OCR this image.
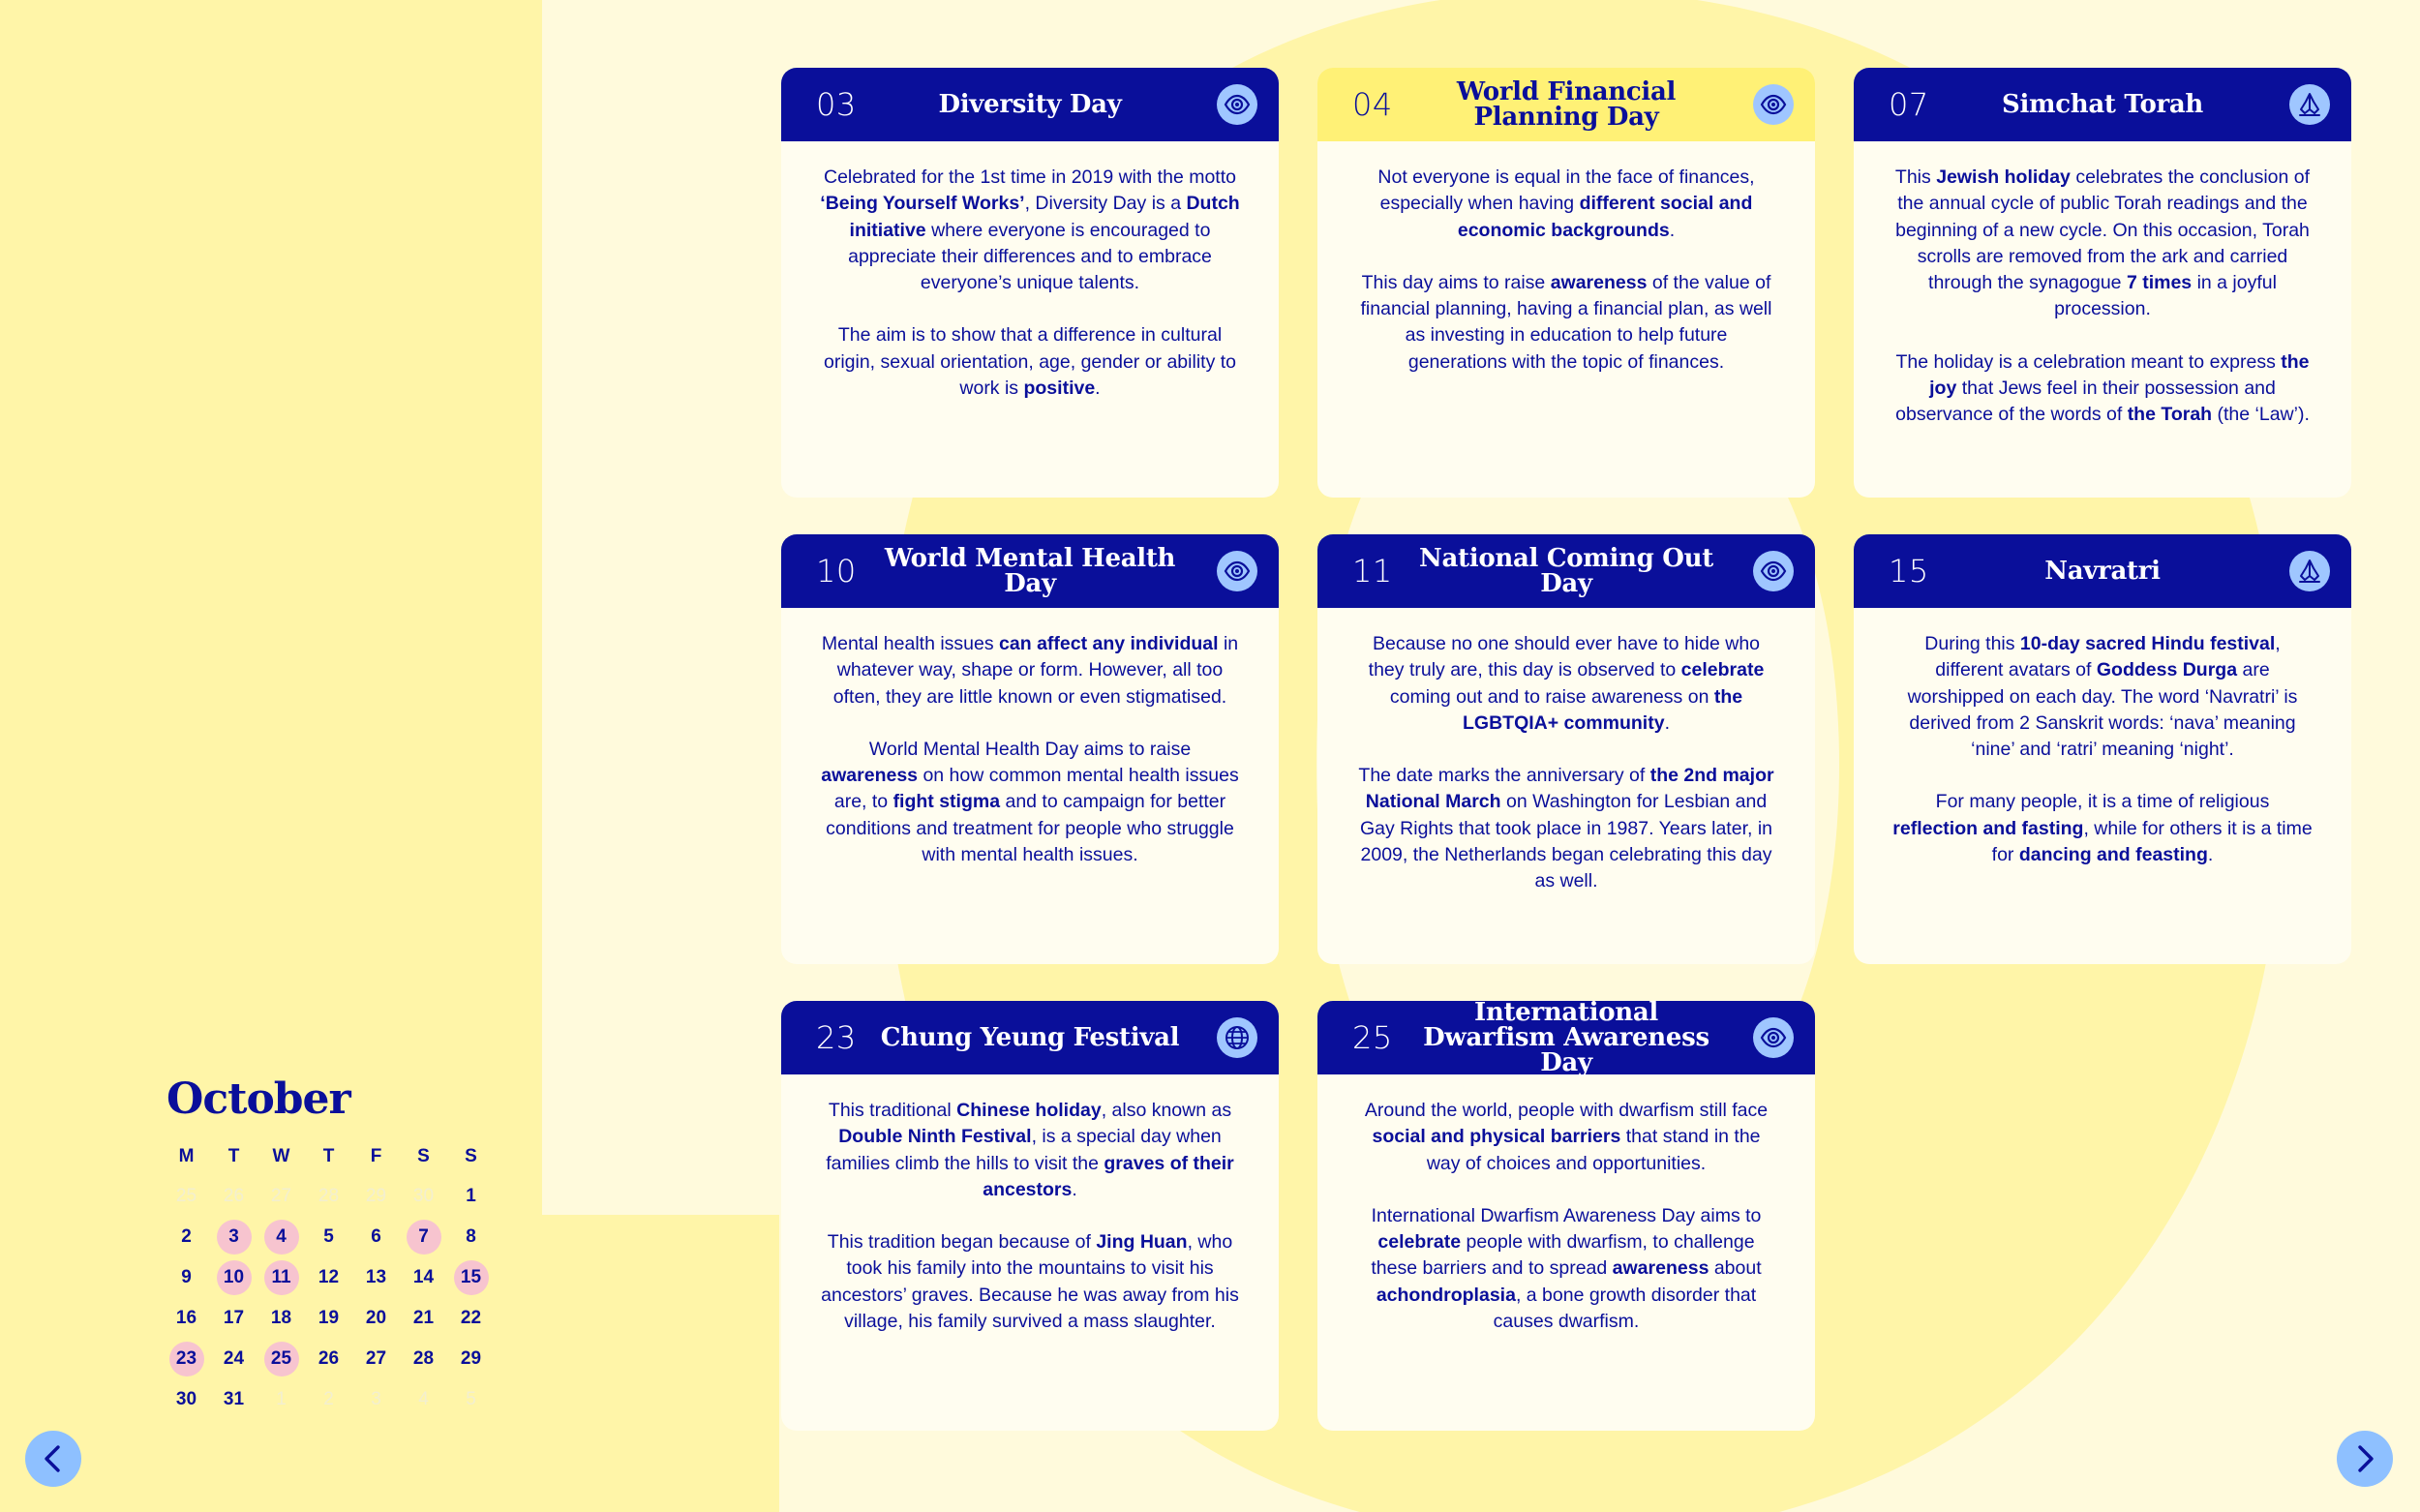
03	Diversity Day

Celebrated for the 1st time in 2019 with the motto ‘Being Yourself Works’, Diversity Day is a Dutch initiative where everyone is encouraged to appreciate their differences and to embrace everyone’s unique talents.

The aim is to show that a difference in cultural origin, sexual orientation, age, gender or ability to work is positive.

04	World Financial Planning Day

Not everyone is equal in the face of finances, especially when having different social and economic backgrounds.

This day aims to raise awareness of the value of financial planning, having a financial plan, as well as investing in education to help future generations with the topic of finances.

07	Simchat Torah

This Jewish holiday celebrates the conclusion of the annual cycle of public Torah readings and the beginning of a new cycle. On this occasion, Torah scrolls are removed from the ark and carried through the synagogue 7 times in a joyful procession.

The holiday is a celebration meant to express the joy that Jews feel in their possession and observance of the words of the Torah (the ‘Law’).

10	World Mental Health Day

Mental health issues can affect any individual in whatever way, shape or form. However, all too often, they are little known or even stigmatised.

World Mental Health Day aims to raise awareness on how common mental health issues are, to fight stigma and to campaign for better conditions and treatment for people who struggle with mental health issues.

11	National Coming Out Day

Because no one should ever have to hide who they truly are, this day is observed to celebrate coming out and to raise awareness on the LGBTQIA+ community.

The date marks the anniversary of the 2nd major National March on Washington for Lesbian and Gay Rights that took place in 1987. Years later, in 2009, the Netherlands began celebrating this day as well.

15	Navratri

During this 10-day sacred Hindu festival, different avatars of Goddess Durga are worshipped on each day. The word ‘Navratri’ is derived from 2 Sanskrit words: ‘nava’ meaning ‘nine’ and ‘ratri’ meaning ‘night’.

For many people, it is a time of religious reflection and fasting, while for others it is a time for dancing and feasting.

23 Chung Yeung Festival

This traditional Chinese holiday, also known as Double Ninth Festival, is a special day when families climb the hills to visit the graves of their ancestors.

This tradition began because of Jing Huan, who took his family into the mountains to visit his ancestors’ graves. Because he was away from his village, his family survived a mass slaughter.

25
International Dwarfism Awareness Day

Around the world, people with dwarfism still face social and physical barriers that stand in the way of choices and opportunities.

International Dwarfism Awareness Day aims to celebrate people with dwarfism, to challenge these barriers and to spread awareness about achondroplasia, a bone growth disorder that causes dwarfism.

October
M	T	W	T	F	S	S
25	26	27	28	29	30	1
2	3	4	5	6	7	8
9	10	11	12	13	14	15
16	17	18	19	20	21	22
23	24	25	26	27	28	29
30	31	1	2	3	4	5
